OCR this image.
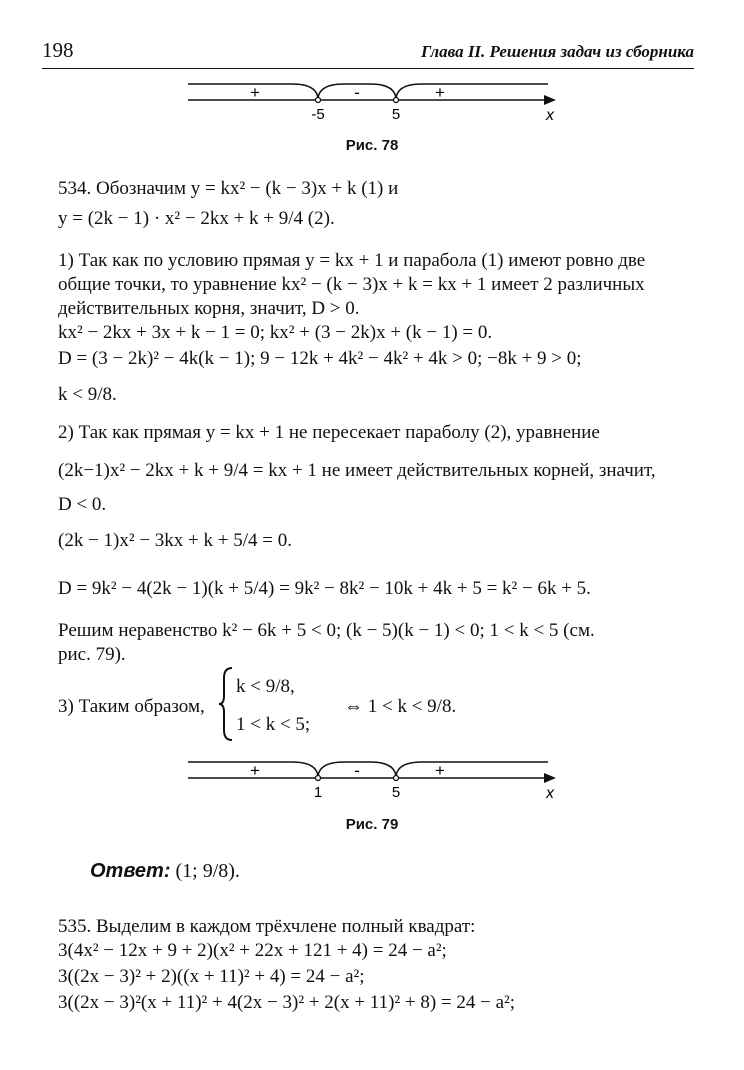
198	Глава II. Решения задач из сборника
+	-	+
-5	5	x
Рис. 78
534. Обозначим y = kx² − (k − 3)x + k (1) и
y = (2k − 1) · x² − 2kx + k + 9/4 (2).
1) Так как по условию прямая y = kx + 1 и парабола (1) имеют ровно две
общие точки, то уравнение kx² − (k − 3)x + k = kx + 1 имеет 2 различных
действительных корня, значит, D > 0.
kx² − 2kx + 3x + k − 1 = 0; kx² + (3 − 2k)x + (k − 1) = 0.
D = (3 − 2k)² − 4k(k − 1); 9 − 12k + 4k² − 4k² + 4k > 0; −8k + 9 > 0;
k < 9/8.
2) Так как прямая y = kx + 1 не пересекает параболу (2), уравнение
(2k−1)x² − 2kx + k + 9/4 = kx + 1 не имеет действительных корней, значит,
D < 0.
(2k − 1)x² − 3kx + k + 5/4 = 0.
D = 9k² − 4(2k − 1)(k + 5/4) = 9k² − 8k² − 10k + 4k + 5 = k² − 6k + 5.
Решим неравенство k² − 6k + 5 < 0; (k − 5)(k − 1) < 0; 1 < k < 5 (см.
рис. 79).
3) Таким образом,
k < 9/8,
1 < k < 5;
⇔ 1 < k < 9/8.
+	-	+
1	5	x
Рис. 79
Ответ: (1; 9/8).
535. Выделим в каждом трёхчлене полный квадрат:
3(4x² − 12x + 9 + 2)(x² + 22x + 121 + 4) = 24 − a²;
3((2x − 3)² + 2)((x + 11)² + 4) = 24 − a²;
3((2x − 3)²(x + 11)² + 4(2x − 3)² + 2(x + 11)² + 8) = 24 − a²;
